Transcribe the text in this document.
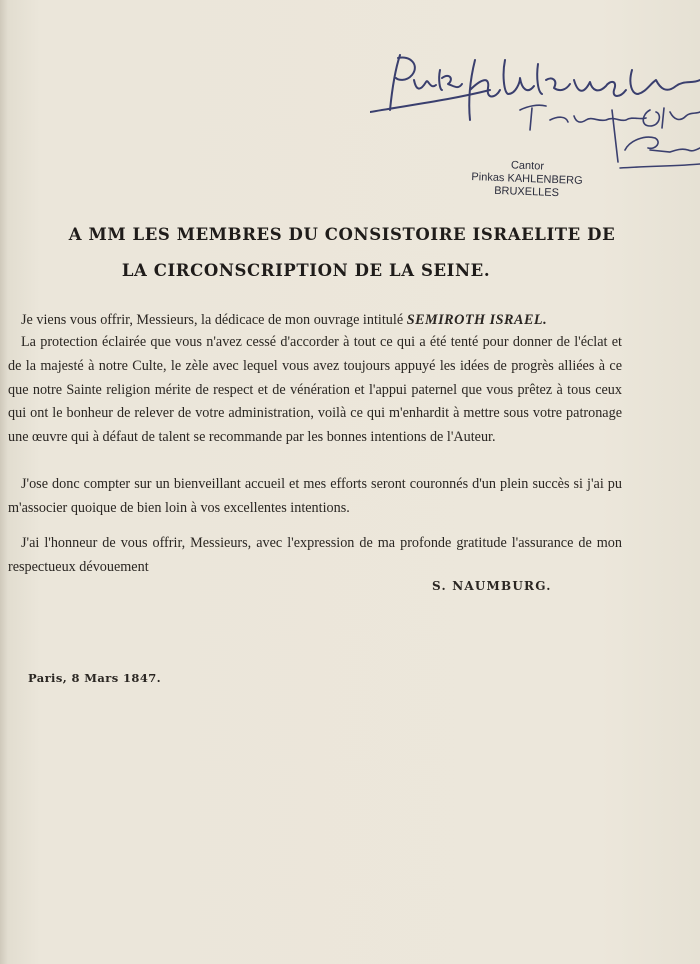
Cantor
Pinkas KAHLENBERG
BRUXELLES
A MM LES MEMBRES DU CONSISTOIRE ISRAELITE DE
LA CIRCONSCRIPTION DE LA SEINE.
Je viens vous offrir, Messieurs, la dédicace de mon ouvrage intitulé SEMIROTH ISRAEL.
La protection éclairée que vous n'avez cessé d'accorder à tout ce qui a été tenté pour donner de l'éclat et de la majesté à notre Culte, le zèle avec lequel vous avez toujours appuyé les idées de progrès alliées à ce que notre Sainte religion mérite de respect et de vénération et l'appui paternel que vous prêtez à tous ceux qui ont le bonheur de relever de votre administration, voilà ce qui m'enhardit à mettre sous votre patronage une œuvre qui à défaut de talent se recommande par les bonnes intentions de l'Auteur.
J'ose donc compter sur un bienveillant accueil et mes efforts seront couronnés d'un plein succès si j'ai pu m'associer quoique de bien loin à vos excellentes intentions.
J'ai l'honneur de vous offrir, Messieurs, avec l'expression de ma profonde gratitude l'assurance de mon respectueux dévouement
S. NAUMBURG.
Paris, 8 Mars 1847.
